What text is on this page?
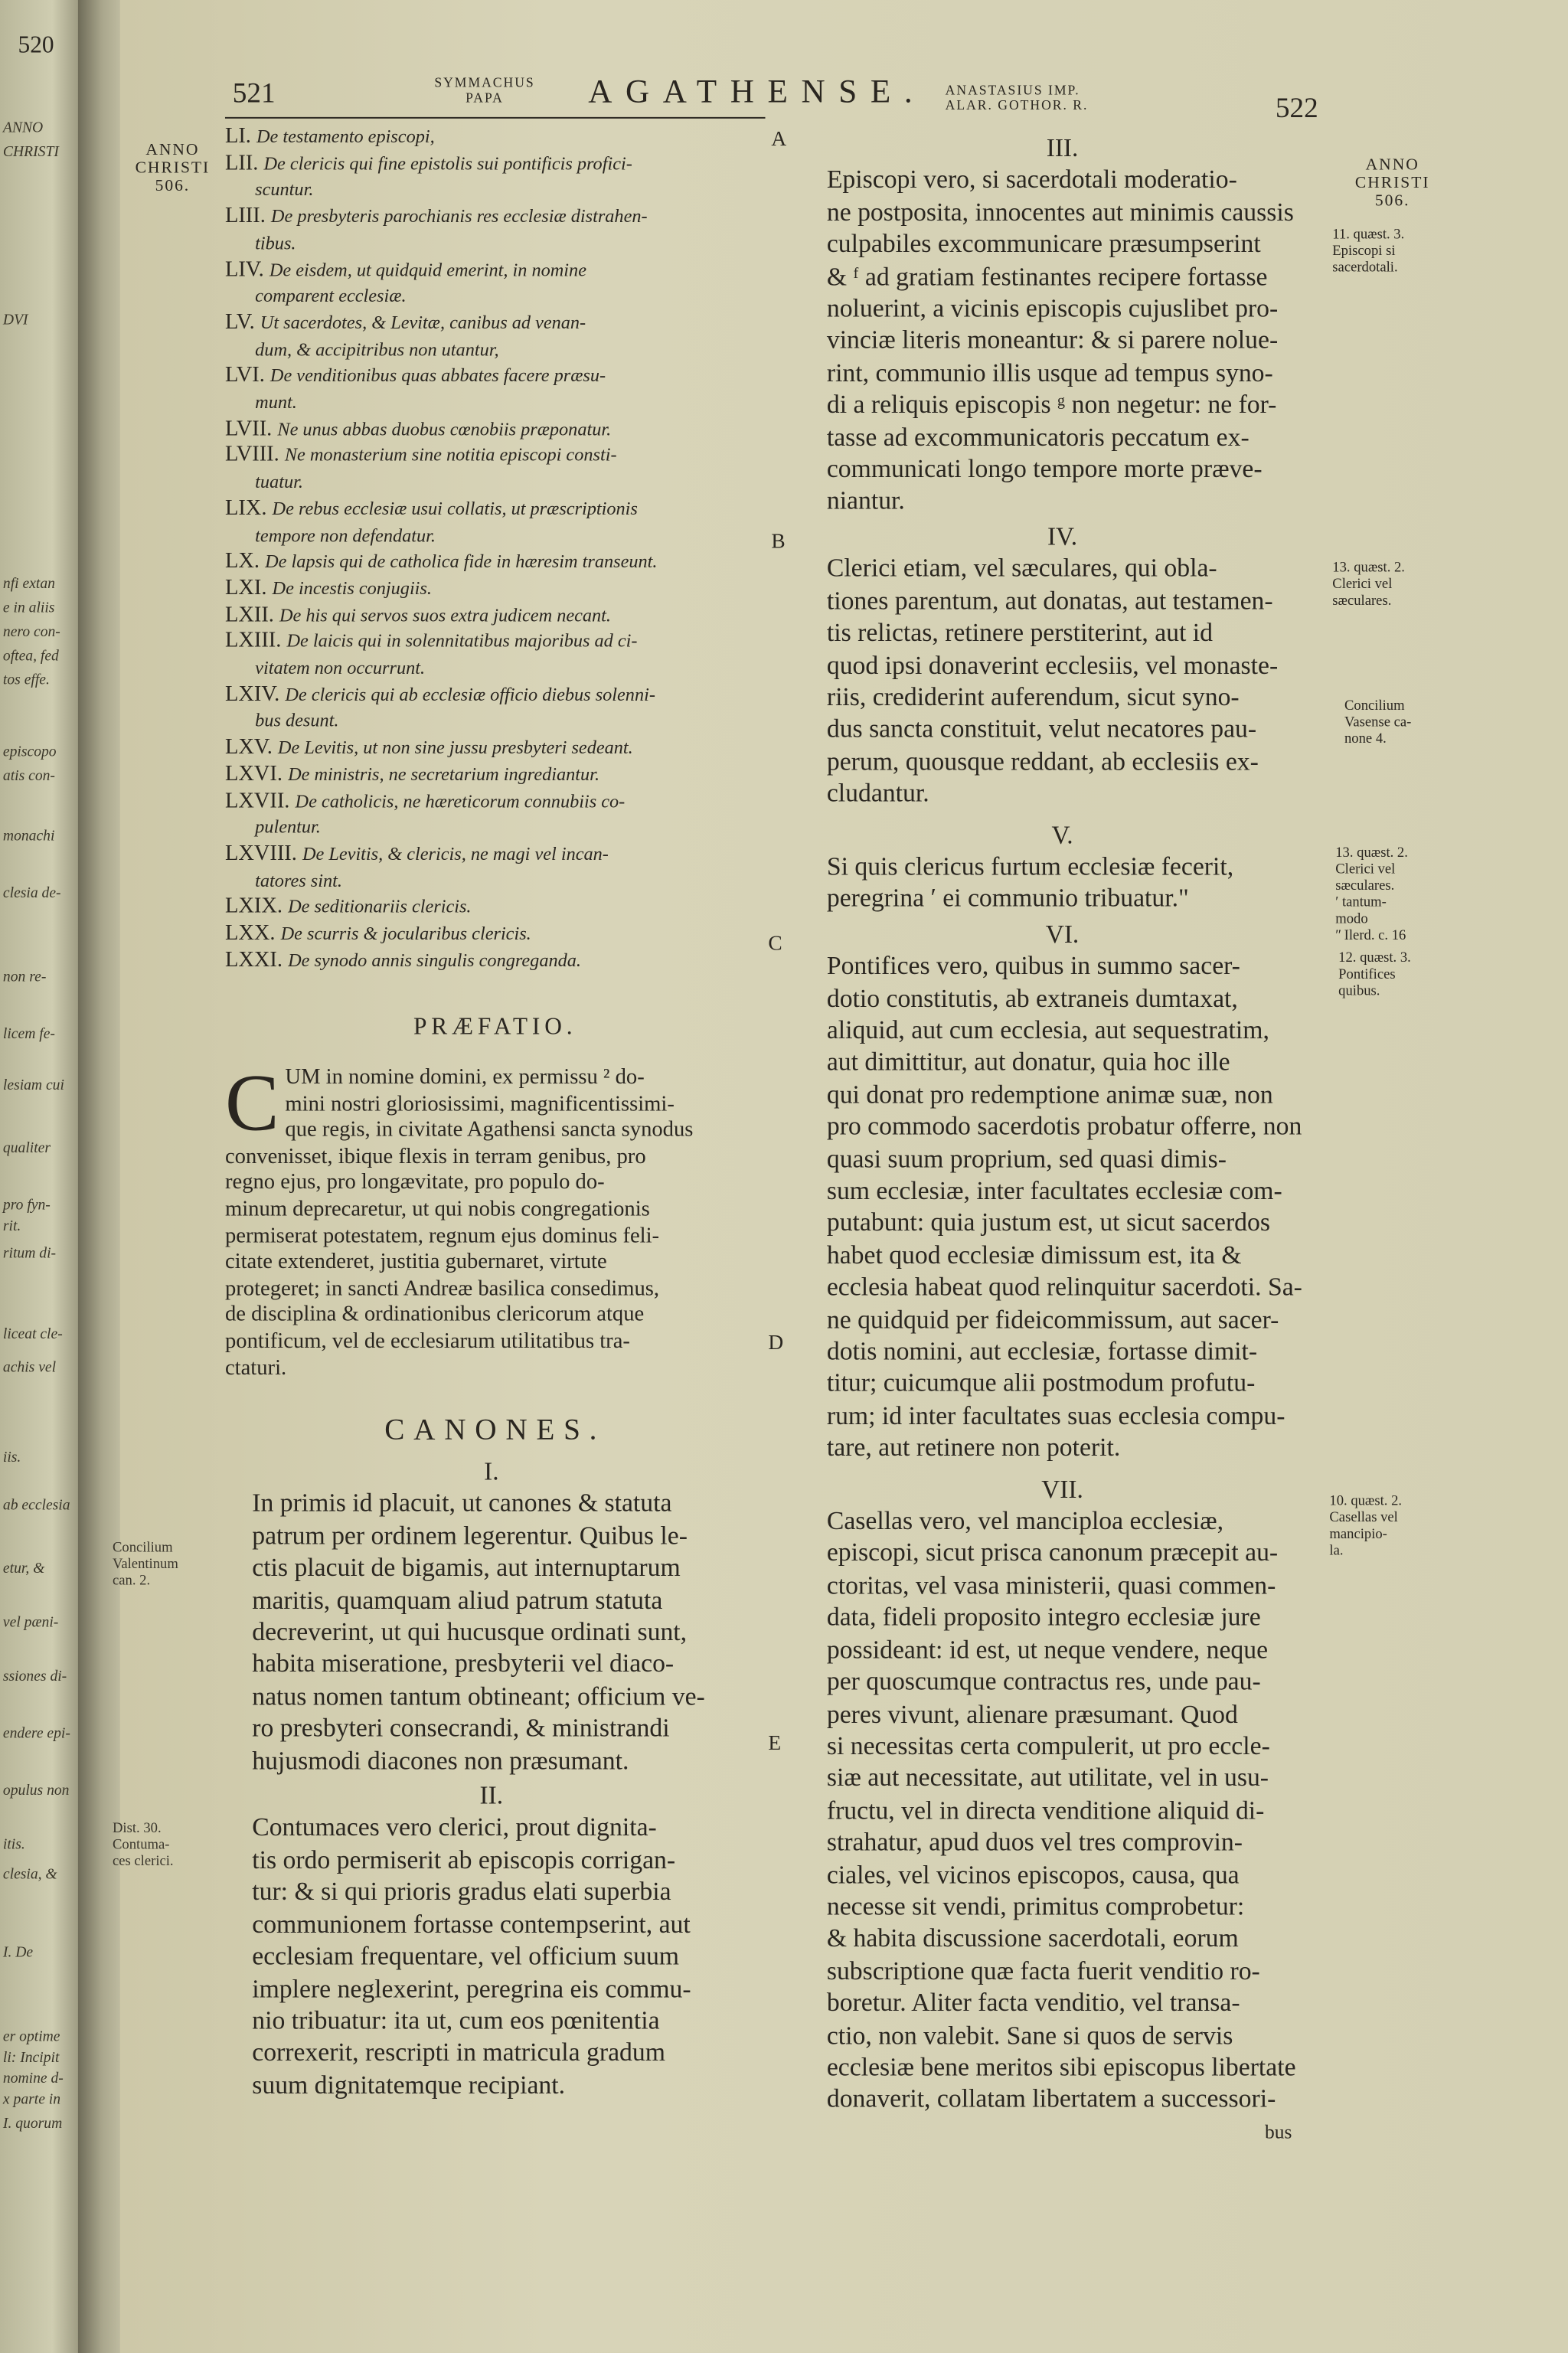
520
ANNO
CHRISTI
DVI
nfi extan
e in aliis
nero con-
oftea, fed
tos effe.
episcopo
atis con-
monachi
clesia de-
non re-
licem fe-
lesiam cui
qualiter
pro fyn-
rit.
ritum di-
liceat cle-
achis vel
iis.
ab ecclesia
etur, &
vel pæni-
ssiones di-
endere epi-
opulus non
itis.
clesia, &
I. De
er optime
li: Incipit
nomine d-
x parte in
I. quorum
521	522
SYMMACHUS
PAPA	AGATHENSE.	ANASTASIUS IMP.
ALAR. GOTHOR. R.
ANNO
CHRISTI
506.
ANNO
CHRISTI
506.
A
B
C
D
E
LI. De testamento episcopi,
LII. De clericis qui fine epistolis sui pontificis profici-
scuntur.
LIII. De presbyteris parochianis res ecclesiæ distrahen-
tibus.
LIV. De eisdem, ut quidquid emerint, in nomine
comparent ecclesiæ.
LV. Ut sacerdotes, & Levitæ, canibus ad venan-
dum, & accipitribus non utantur,
LVI. De venditionibus quas abbates facere præsu-
munt.
LVII. Ne unus abbas duobus cœnobiis præponatur.
LVIII. Ne monasterium sine notitia episcopi consti-
tuatur.
LIX. De rebus ecclesiæ usui collatis, ut præscriptionis
tempore non defendatur.
LX. De lapsis qui de catholica fide in hæresim transeunt.
LXI. De incestis conjugiis.
LXII. De his qui servos suos extra judicem necant.
LXIII. De laicis qui in solennitatibus majoribus ad ci-
vitatem non occurrunt.
LXIV. De clericis qui ab ecclesiæ officio diebus solenni-
bus desunt.
LXV. De Levitis, ut non sine jussu presbyteri sedeant.
LXVI. De ministris, ne secretarium ingrediantur.
LXVII. De catholicis, ne hæreticorum connubiis co-
pulentur.
LXVIII. De Levitis, & clericis, ne magi vel incan-
tatores sint.
LXIX. De seditionariis clericis.
LXX. De scurris & jocularibus clericis.
LXXI. De synodo annis singulis congreganda.
PRÆFATIO.
C UM in nomine domini, ex permissu ² do-
mini nostri gloriosissimi, magnificentissimi-
que regis, in civitate Agathensi sancta synodus
convenisset, ibique flexis in terram genibus, pro
regno ejus, pro longævitate, pro populo do-
minum deprecaretur, ut qui nobis congregationis
permiserat potestatem, regnum ejus dominus feli-
citate extenderet, justitia gubernaret, virtute
protegeret; in sancti Andreæ basilica consedimus,
de disciplina & ordinationibus clericorum atque
pontificum, vel de ecclesiarum utilitatibus tra-
ctaturi.
CANONES.
I.
In primis id placuit, ut canones & statuta
patrum per ordinem legerentur. Quibus le-
ctis placuit de bigamis, aut internuptarum
maritis, quamquam aliud patrum statuta
decreverint, ut qui hucusque ordinati sunt,
habita miseratione, presbyterii vel diaco-
natus nomen tantum obtineant; officium ve-
ro presbyteri consecrandi, & ministrandi
hujusmodi diacones non præsumant.
II.
Contumaces vero clerici, prout dignita-
tis ordo permiserit ab episcopis corrigan-
tur: & si qui prioris gradus elati superbia
communionem fortasse contempserint, aut
ecclesiam frequentare, vel officium suum
implere neglexerint, peregrina eis commu-
nio tribuatur: ita ut, cum eos pœnitentia
correxerit, rescripti in matricula gradum
suum dignitatemque recipiant.
Concilium
Valentinum
can. 2.
Dist. 30.
Contuma-
ces clerici.
III.
Episcopi vero, si sacerdotali moderatio-
ne postposita, innocentes aut minimis caussis
culpabiles excommunicare præsumpserint
& ᶠ ad gratiam festinantes recipere fortasse
noluerint, a vicinis episcopis cujuslibet pro-
vinciæ literis moneantur: & si parere nolue-
rint, communio illis usque ad tempus syno-
di a reliquis episcopis ᵍ non negetur: ne for-
tasse ad excommunicatoris peccatum ex-
communicati longo tempore morte præve-
niantur.
IV.
Clerici etiam, vel sæculares, qui obla-
tiones parentum, aut donatas, aut testamen-
tis relictas, retinere perstiterint, aut id
quod ipsi donaverint ecclesiis, vel monaste-
riis, crediderint auferendum, sicut syno-
dus sancta constituit, velut necatores pau-
perum, quousque reddant, ab ecclesiis ex-
cludantur.
V.
Si quis clericus furtum ecclesiæ fecerit,
peregrina ʹ ei communio tribuatur."
VI.
Pontifices vero, quibus in summo sacer-
dotio constitutis, ab extraneis dumtaxat,
aliquid, aut cum ecclesia, aut sequestratim,
aut dimittitur, aut donatur, quia hoc ille
qui donat pro redemptione animæ suæ, non
pro commodo sacerdotis probatur offerre, non
quasi suum proprium, sed quasi dimis-
sum ecclesiæ, inter facultates ecclesiæ com-
putabunt: quia justum est, ut sicut sacerdos
habet quod ecclesiæ dimissum est, ita &
ecclesia habeat quod relinquitur sacerdoti. Sa-
ne quidquid per fideicommissum, aut sacer-
dotis nomini, aut ecclesiæ, fortasse dimit-
titur; cuicumque alii postmodum profutu-
rum; id inter facultates suas ecclesia compu-
tare, aut retinere non poterit.
VII.
Casellas vero, vel manciploa ecclesiæ,
episcopi, sicut prisca canonum præcepit au-
ctoritas, vel vasa ministerii, quasi commen-
data, fideli proposito integro ecclesiæ jure
possideant: id est, ut neque vendere, neque
per quoscumque contractus res, unde pau-
peres vivunt, alienare præsumant. Quod
si necessitas certa compulerit, ut pro eccle-
siæ aut necessitate, aut utilitate, vel in usu-
fructu, vel in directa venditione aliquid di-
strahatur, apud duos vel tres comprovin-
ciales, vel vicinos episcopos, causa, qua
necesse sit vendi, primitus comprobetur:
& habita discussione sacerdotali, eorum
subscriptione quæ facta fuerit venditio ro-
boretur. Aliter facta venditio, vel transa-
ctio, non valebit. Sane si quos de servis
ecclesiæ bene meritos sibi episcopus libertate
donaverit, collatam libertatem a successori-
bus
11. quæst. 3.
Episcopi si
sacerdotali.
13. quæst. 2.
Clerici vel
sæculares.
Concilium
Vasense ca-
none 4.
13. quæst. 2.
Clerici vel
sæculares.
ʹ tantum-
modo
ʺ Ilerd. c. 16
12. quæst. 3.
Pontifices
quibus.
10. quæst. 2.
Casellas vel
mancipio-
la.
